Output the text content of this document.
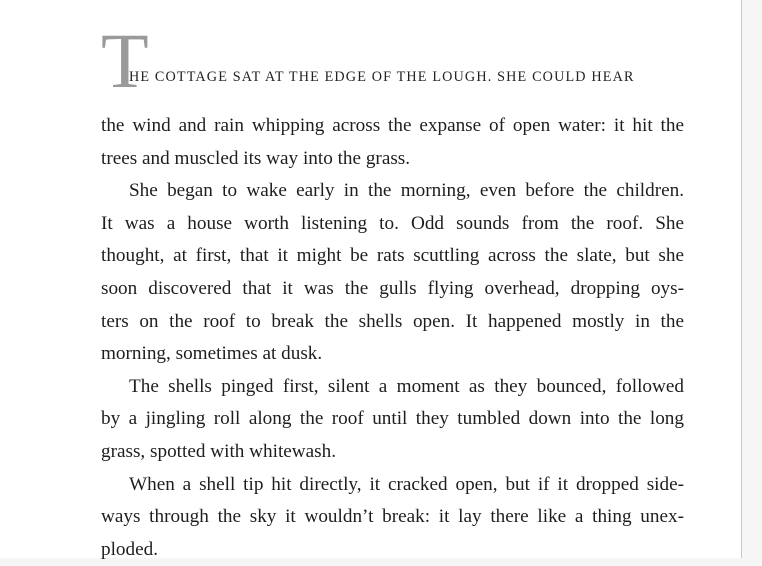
T
HE COTTAGE SAT AT THE EDGE OF THE LOUGH. SHE COULD HEAR
the wind and rain whipping across the expanse of open water: it hit the
trees and muscled its way into the grass.
She began to wake early in the morning, even before the children.
It was a house worth listening to. Odd sounds from the roof. She
thought, at first, that it might be rats scuttling across the slate, but she
soon discovered that it was the gulls flying overhead, dropping oys-
ters on the roof to break the shells open. It happened mostly in the
morning, sometimes at dusk.
The shells pinged first, silent a moment as they bounced, followed
by a jingling roll along the roof until they tumbled down into the long
grass, spotted with whitewash.
When a shell tip hit directly, it cracked open, but if it dropped side-
ways through the sky it wouldn’t break: it lay there like a thing unex-
ploded.
